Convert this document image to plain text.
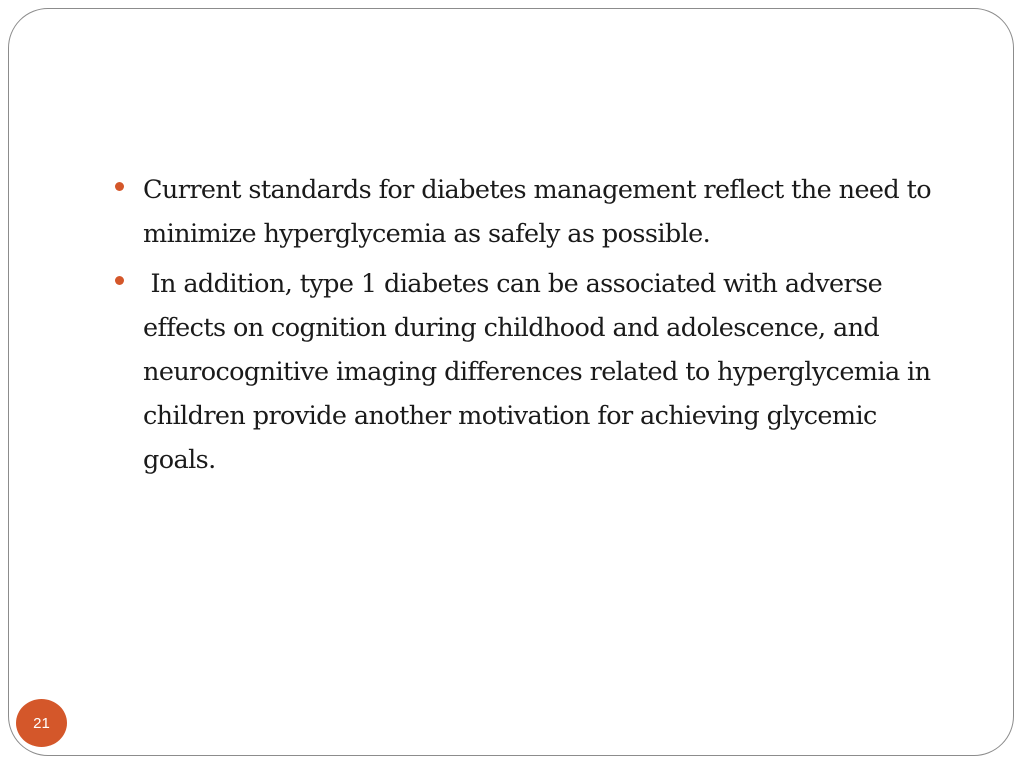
Current standards for diabetes management reflect the need to minimize hyperglycemia as safely as possible.
In addition, type 1 diabetes can be associated with adverse effects on cognition during childhood and adolescence, and neurocognitive imaging differences related to hyperglycemia in children provide another motivation for achieving glycemic goals.
21
